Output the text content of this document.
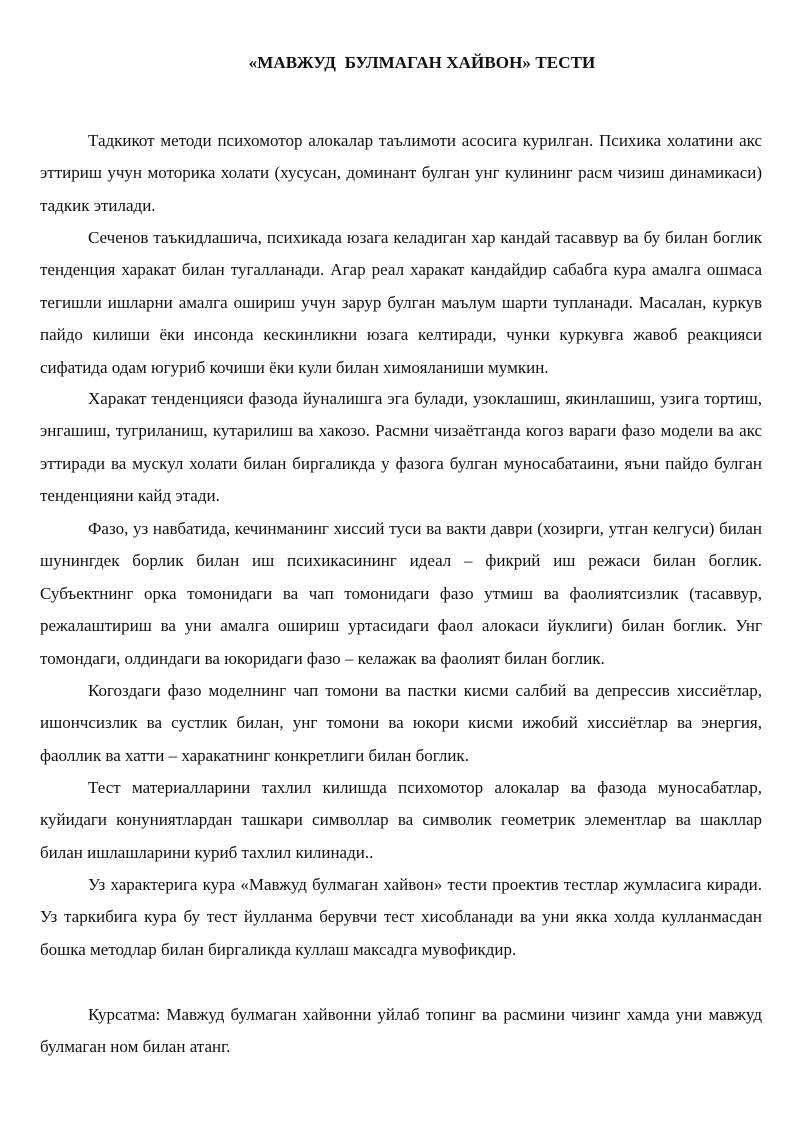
«МАВЖУД  БУЛМАГАН ХАЙВОН» ТЕСТИ

Тадкикот методи психомотор алокалар таълимоти асосига курилган. Психика холатини акс эттириш учун моторика холати (хусусан, доминант булган унг кулининг расм чизиш динамикаси) тадкик этилади.

Сеченов таъкидлашича, психикада юзага келадиган хар кандай тасаввур ва бу билан боглик тенденция харакат билан тугалланади. Агар реал харакат кандайдир сабабга кура амалга ошмаса тегишли ишларни амалга ошириш учун зарур булган маълум шарти тупланади. Масалан, куркув пайдо килиши ёки инсонда кескинликни юзага келтиради, чунки куркувга жавоб реакцияси сифатида одам югуриб кочиши ёки кули билан химояланиши мумкин.

Харакат тенденцияси фазода йуналишга эга булади, узоклашиш, якинлашиш, узига тортиш, энгашиш, тугриланиш, кутарилиш ва хакозо. Расмни чизаётганда когоз вараги фазо модели ва акс эттиради ва мускул холати билан биргаликда у фазога булган муносабатаини, яъни пайдо булган тенденцияни кайд этади.

Фазо, уз навбатида, кечинманинг хиссий туси ва вакти даври (хозирги, утган келгуси) билан шунингдек борлик билан иш психикасининг идеал – фикрий иш режаси билан боглик. Субъектнинг орка томонидаги ва чап томонидаги фазо утмиш ва фаолиятсизлик (тасаввур, режалаштириш ва уни амалга ошириш уртасидаги фаол алокаси йуклиги) билан боглик. Унг томондаги, олдиндаги ва юкоридаги фазо – келажак ва фаолият билан боглик.

Когоздаги фазо моделнинг чап томони ва пастки кисми салбий ва депрессив хиссиётлар, ишончсизлик ва сустлик билан, унг томони ва юкори кисми ижобий хиссиётлар ва энергия, фаоллик ва хатти – харакатнинг конкретлиги билан боглик.

Тест материалларини тахлил килишда психомотор алокалар ва фазода муносабатлар, куйидаги конуниятлардан ташкари символлар ва символик геометрик элементлар ва шакллар билан ишлашларини куриб тахлил килинади..

Уз характерига кура «Мавжуд булмаган хайвон» тести проектив тестлар жумласига киради. Уз таркибига кура бу тест йулланма берувчи тест хисобланади ва уни якка холда кулланмасдан бошка методлар билан биргаликда куллаш максадга мувофикдир.

Курсатма: Мавжуд булмаган хайвонни уйлаб топинг ва расмини чизинг хамда уни мавжуд булмаган ном билан атанг.
